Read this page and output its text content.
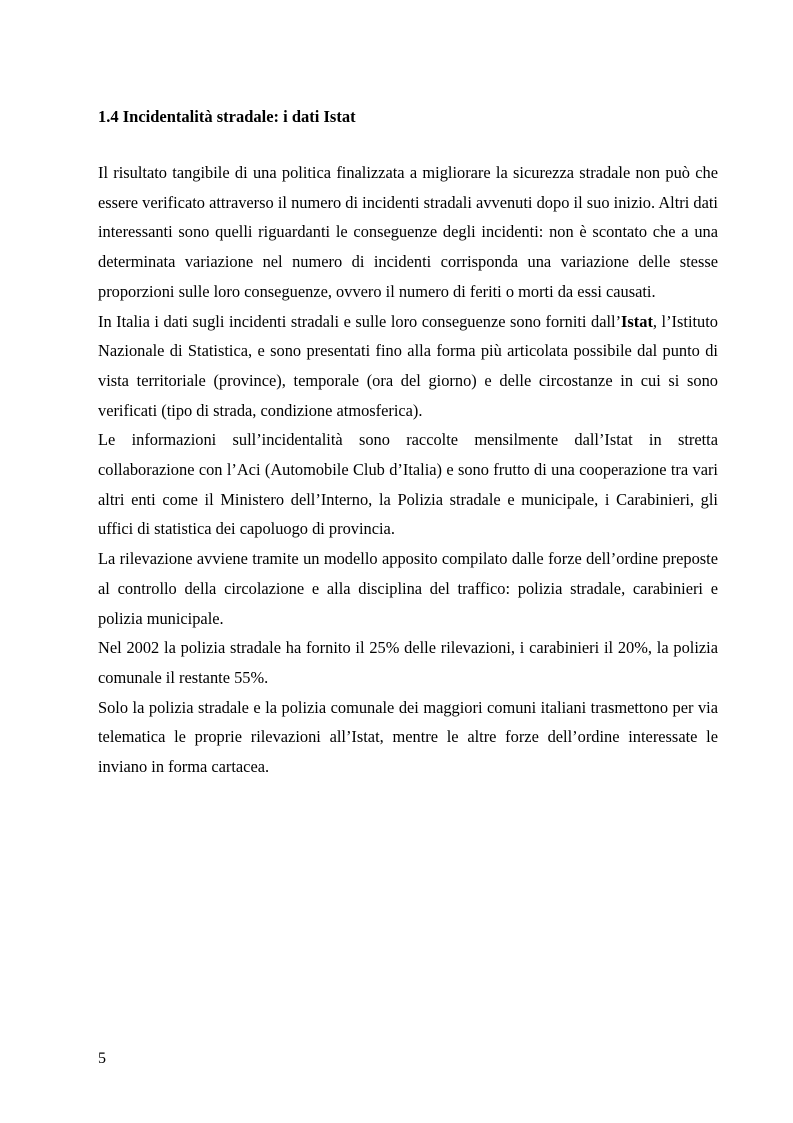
1.4 Incidentalità stradale: i dati Istat

Il risultato tangibile di una politica finalizzata a migliorare la sicurezza stradale non può che essere verificato attraverso il numero di incidenti stradali avvenuti dopo il suo inizio. Altri dati interessanti sono quelli riguardanti le conseguenze degli incidenti: non è scontato che a una determinata variazione nel numero di incidenti corrisponda una variazione delle stesse proporzioni sulle loro conseguenze, ovvero il numero di feriti o morti da essi causati.

In Italia i dati sugli incidenti stradali e sulle loro conseguenze sono forniti dall’Istat, l’Istituto Nazionale di Statistica, e sono presentati fino alla forma più articolata possibile dal punto di vista territoriale (province), temporale (ora del giorno) e delle circostanze in cui si sono verificati (tipo di strada, condizione atmosferica).

Le informazioni sull’incidentalità sono raccolte mensilmente dall’Istat in stretta collaborazione con l’Aci (Automobile Club d’Italia) e sono frutto di una cooperazione tra vari altri enti come il Ministero dell’Interno, la Polizia stradale e municipale, i Carabinieri, gli uffici di statistica dei capoluogo di provincia.

La rilevazione avviene tramite un modello apposito compilato dalle forze dell’ordine preposte al controllo della circolazione e alla disciplina del traffico: polizia stradale, carabinieri e polizia municipale.

Nel 2002 la polizia stradale ha fornito il 25% delle rilevazioni, i carabinieri il 20%, la polizia comunale il restante 55%.

Solo la polizia stradale e la polizia comunale dei maggiori comuni italiani trasmettono per via telematica le proprie rilevazioni all’Istat, mentre le altre forze dell’ordine interessate le inviano in forma cartacea.

5
